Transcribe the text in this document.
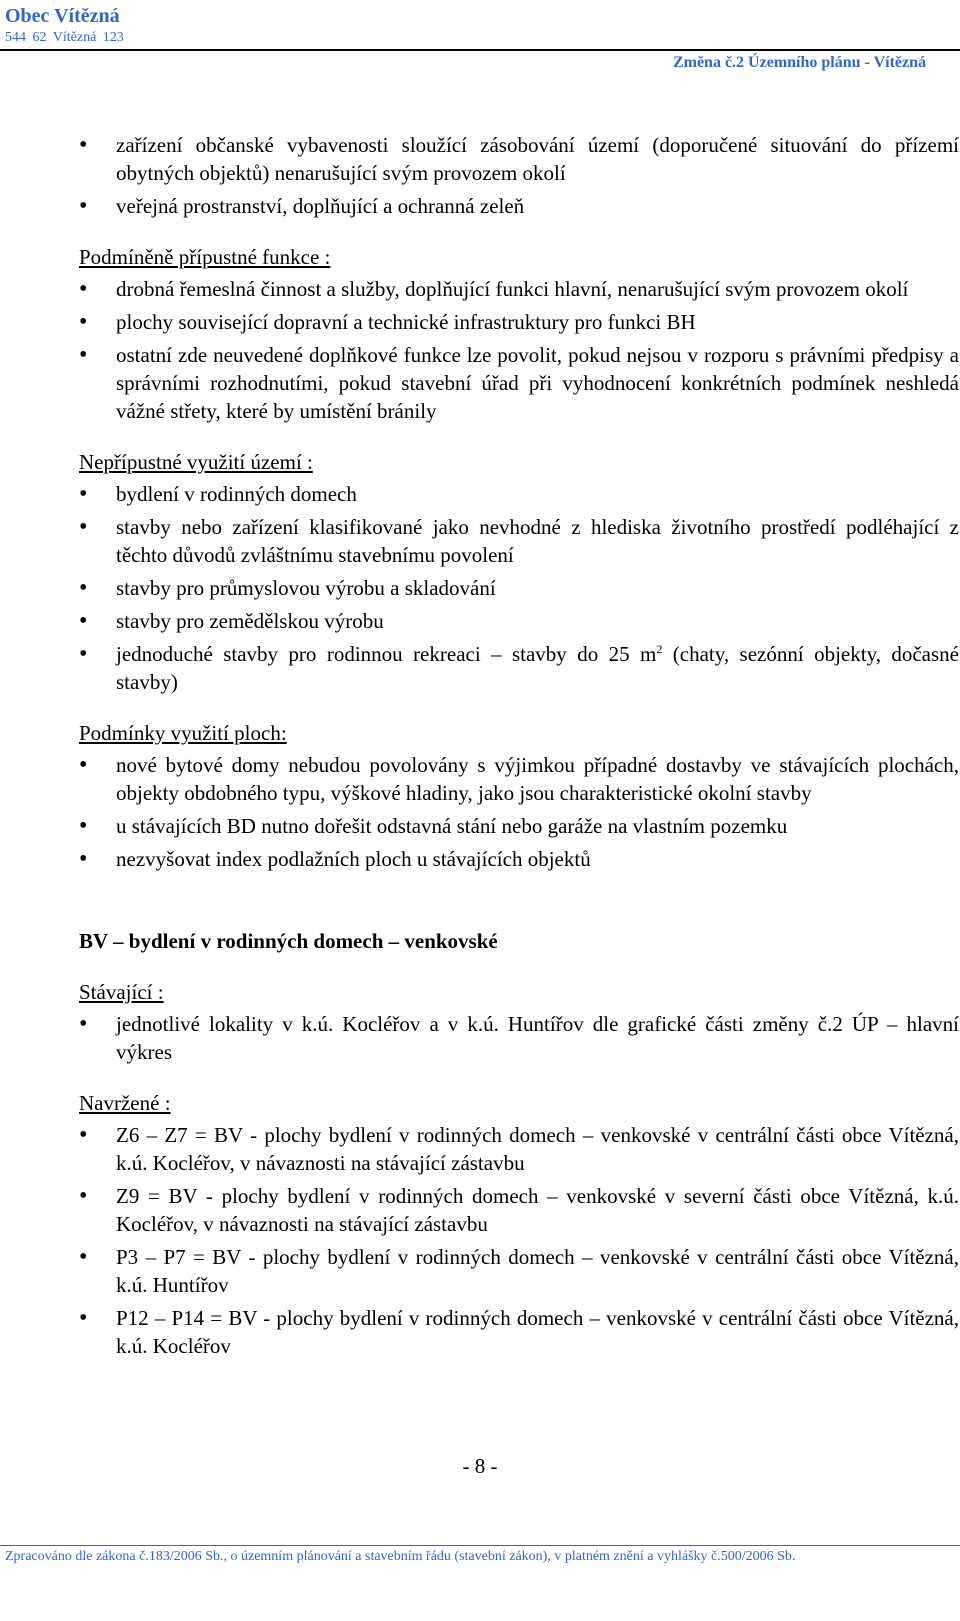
Obec Vítězná
544 62 Vítězná 123
Změna č.2 Územního plánu - Vítězná
• zařízení občanské vybavenosti sloužící zásobování území (doporučené situování do přízemí obytných objektů) nenarušující svým provozem okolí
• veřejná prostranství, doplňující a ochranná zeleň
Podmíněně přípustné funkce :
• drobná řemeslná činnost a služby, doplňující funkci hlavní, nenarušující svým provozem okolí
• plochy související dopravní a technické infrastruktury pro funkci BH
• ostatní zde neuvedené doplňkové funkce lze povolit, pokud nejsou v rozporu s právními předpisy a správními rozhodnutími, pokud stavební úřad při vyhodnocení konkrétních podmínek neshledá vážné střety, které by umístění bránily
Nepřípustné využití území :
• bydlení v rodinných domech
• stavby nebo zařízení klasifikované jako nevhodné z hlediska životního prostředí podléhající z těchto důvodů zvláštnímu stavebnímu povolení
• stavby pro průmyslovou výrobu a skladování
• stavby pro zemědělskou výrobu
• jednoduché stavby pro rodinnou rekreaci – stavby do 25 $m^2$ (chaty, sezónní objekty, dočasné stavby)
Podmínky využití ploch:
• nové bytové domy nebudou povolovány s výjimkou případné dostavby ve stávajících plochách, objekty obdobného typu, výškové hladiny, jako jsou charakteristické okolní stavby
• u stávajících BD nutno dořešit odstavná stání nebo garáže na vlastním pozemku
• nezvyšovat index podlažních ploch u stávajících objektů
BV – bydlení v rodinných domech – venkovské
Stávající :
• jednotlivé lokality v k.ú. Kocléřov a v k.ú. Huntířov dle grafické části změny č.2 ÚP – hlavní výkres
Navržené :
• Z6 – Z7 = BV - plochy bydlení v rodinných domech – venkovské v centrální části obce Vítězná, k.ú. Kocléřov, v návaznosti na stávající zástavbu
• Z9 = BV - plochy bydlení v rodinných domech – venkovské v severní části obce Vítězná, k.ú. Kocléřov, v návaznosti na stávající zástavbu
• P3 – P7 = BV - plochy bydlení v rodinných domech – venkovské v centrální části obce Vítězná, k.ú. Huntířov
• P12 – P14 = BV - plochy bydlení v rodinných domech – venkovské v centrální části obce Vítězná, k.ú. Kocléřov
- 8 -
Zpracováno dle zákona č.183/2006 Sb., o územním plánování a stavebním řádu (stavební zákon), v platném znění a vyhlášky č.500/2006 Sb.
